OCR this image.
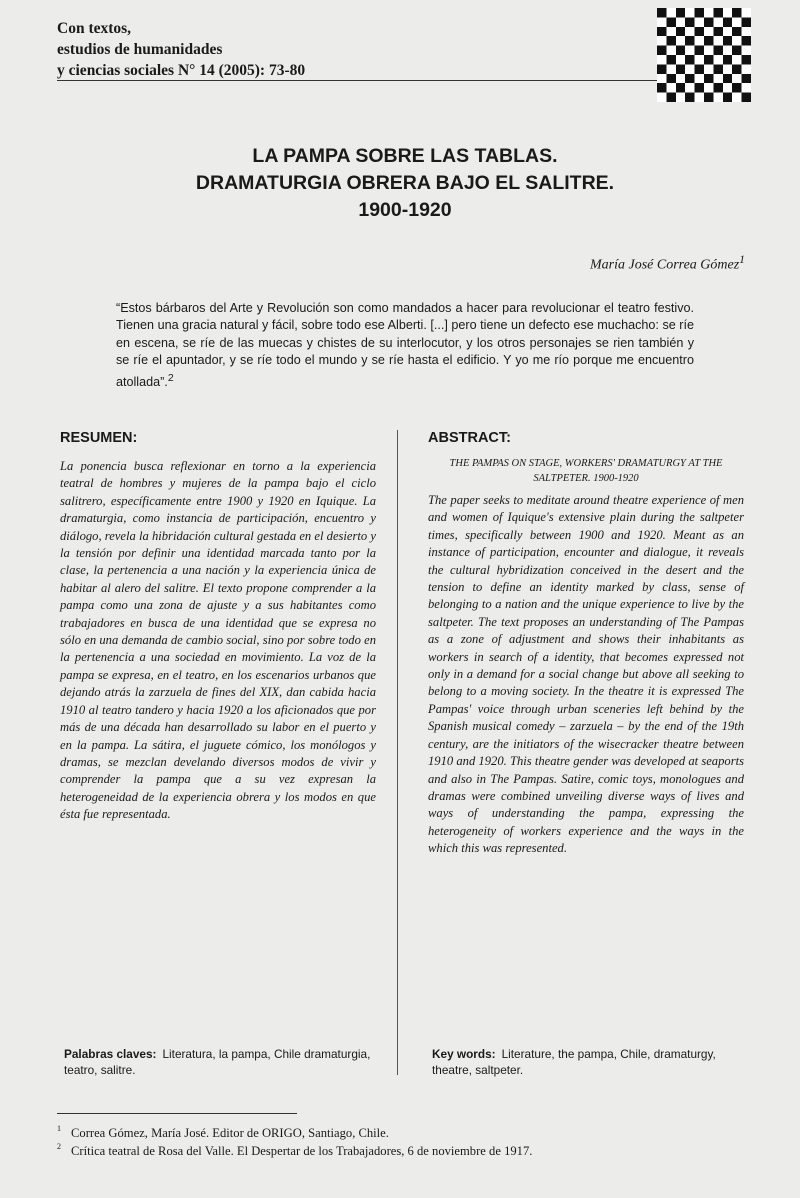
Con textos,
estudios de humanidades
y ciencias sociales N° 14 (2005): 73-80
LA PAMPA SOBRE LAS TABLAS.
DRAMATURGIA OBRERA BAJO EL SALITRE.
1900-1920
María José Correa Gómez$^1$
“Estos bárbaros del Arte y Revolución son como mandados a hacer para revolucionar el teatro festivo. Tienen una gracia natural y fácil, sobre todo ese Alberti. [...] pero tiene un defecto ese muchacho: se ríe en escena, se ríe de las muecas y chistes de su interlocutor, y los otros personajes se rien también y se ríe el apuntador, y se ríe todo el mundo y se ríe hasta el edificio. Y yo me río porque me encuentro atollada”.$^2$
RESUMEN:

La ponencia busca reflexionar en torno a la experiencia teatral de hombres y mujeres de la pampa bajo el ciclo salitrero, específicamente entre 1900 y 1920 en Iquique. La dramaturgia, como instancia de participación, encuentro y diálogo, revela la hibridación cultural gestada en el desierto y la tensión por definir una identidad marcada tanto por la clase, la pertenencia a una nación y la experiencia única de habitar al alero del salitre. El texto propone comprender a la pampa como una zona de ajuste y a sus habitantes como trabajadores en busca de una identidad que se expresa no sólo en una demanda de cambio social, sino por sobre todo en la pertenencia a una sociedad en movimiento. La voz de la pampa se expresa, en el teatro, en los escenarios urbanos que dejando atrás la zarzuela de fines del XIX, dan cabida hacia 1910 al teatro tandero y hacia 1920 a los aficionados que por más de una década han desarrollado su labor en el puerto y en la pampa. La sátira, el juguete cómico, los monólogos y dramas, se mezclan develando diversos modos de vivir y comprender la pampa que a su vez expresan la heterogeneidad de la experiencia obrera y los modos en que ésta fue representada.

ABSTRACT:
THE PAMPAS ON STAGE, WORKERS' DRAMATURGY AT THE SALTPETER. 1900-1920

The paper seeks to meditate around theatre experience of men and women of Iquique's extensive plain during the saltpeter times, specifically between 1900 and 1920. Meant as an instance of participation, encounter and dialogue, it reveals the cultural hybridization conceived in the desert and the tension to define an identity marked by class, sense of belonging to a nation and the unique experience to live by the saltpeter. The text proposes an understanding of The Pampas as a zone of adjustment and shows their inhabitants as workers in search of a identity, that becomes expressed not only in a demand for a social change but above all seeking to belong to a moving society. In the theatre it is expressed The Pampas' voice through urban sceneries left behind by the Spanish musical comedy – zarzuela – by the end of the 19th century, are the initiators of the wisecracker theatre between 1910 and 1920. This theatre gender was developed at seaports and also in The Pampas. Satire, comic toys, monologues and dramas were combined unveiling diverse ways of lives and ways of understanding the pampa, expressing the heterogeneity of workers experience and the ways in the which this was represented.

Palabras claves: Literatura, la pampa, Chile dramaturgia, teatro, salitre.
Key words: Literature, the pampa, Chile, dramaturgy, theatre, saltpeter.
1 Correa Gómez, María José. Editor de ORIGO, Santiago, Chile.
2 Crítica teatral de Rosa del Valle. El Despertar de los Trabajadores, 6 de noviembre de 1917.
